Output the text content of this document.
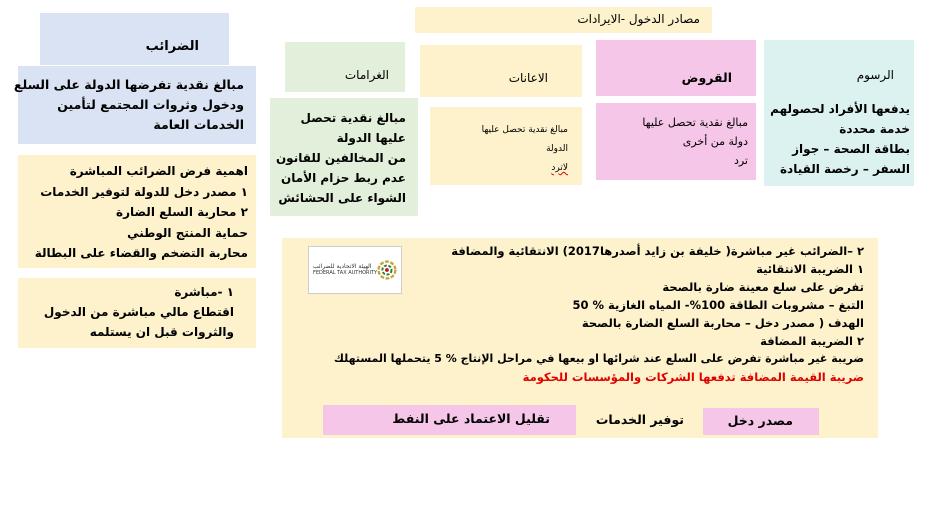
مصادر الدخول -الايرادات
الضرائب
مبالغ نقدية تفرضها الدولة على السلع
ودخول وثروات المجتمع لتأمين
الخدمات العامة
اهمية فرض الضرائب المباشرة
١ مصدر دخل للدولة لتوفير الخدمات
٢ محاربة السلع الضارة
حماية المنتج الوطني
محاربة التضخم والقضاء على البطالة
١ -مباشرة
اقتطاع مالي مباشرة من الدخول
والثروات قبل ان يستلمه
الغرامات
مبالغ نقدية تحصل
عليها الدولة
من المخالفين للقانون
عدم ربط حزام الأمان
الشواء على الحشائش
الاعانات
مبالغ نقدية تحصل عليها
الدولة
لاترد
القروض
مبالغ نقدية تحصل عليها
دولة من أخرى
ترد
الرسوم
يدفعها الأفراد لحصولهم
خدمة محددة
بطاقة الصحة – جواز
السفر – رخصة القيادة
٢ –الضرائب غير مباشرة( خليفة بن زايد أصدرها2017) الانتقائية والمضافة
١ الضريبة الانتقائية
تفرض على سلع معينة ضارة بالصحة
التبغ – مشروبات الطاقة 100%- المياه الغازية % 50
الهدف ( مصدر دخل – محاربة السلع الضارة بالصحة
٢ الضريبة المضافة
ضريبة غير مباشرة تفرض على السلع عند شرائها او بيعها في مراحل الإنتاج % 5 يتحملها المستهلك
ضريبة القيمة المضافة تدفعها الشركات والمؤسسات للحكومة
الهيئة الاتحادية للضرائب
FEDERAL TAX AUTHORITY
تقليل الاعتماد على النفط	توفير الخدمات	مصدر دخل
